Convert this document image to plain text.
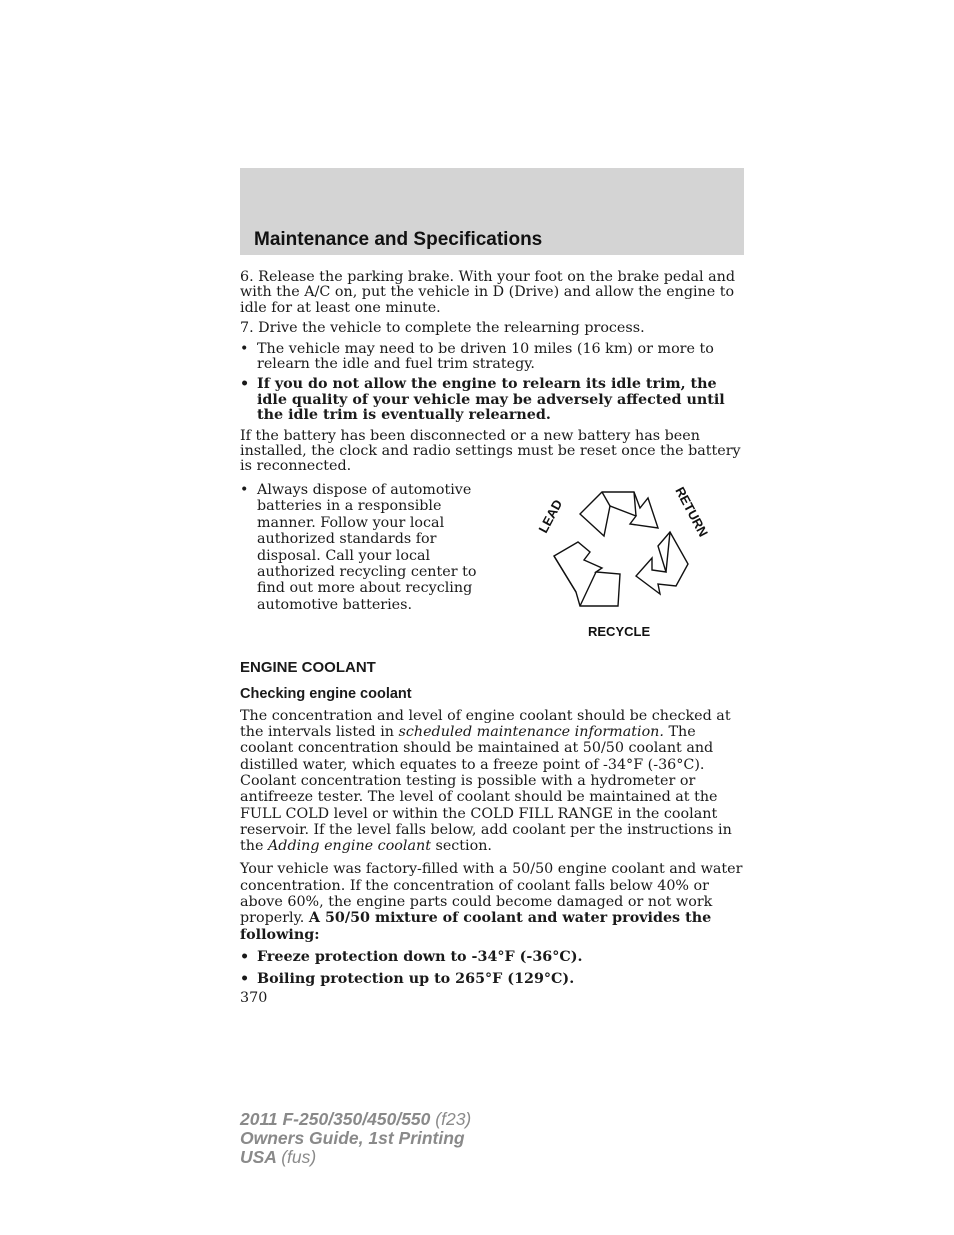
Maintenance and Specifications

6. Release the parking brake. With your foot on the brake pedal and with the A/C on, put the vehicle in D (Drive) and allow the engine to idle for at least one minute.

7. Drive the vehicle to complete the relearning process.

• The vehicle may need to be driven 10 miles (16 km) or more to relearn the idle and fuel trim strategy.
• If you do not allow the engine to relearn its idle trim, the idle quality of your vehicle may be adversely affected until the idle trim is eventually relearned.

If the battery has been disconnected or a new battery has been installed, the clock and radio settings must be reset once the battery is reconnected.

• Always dispose of automotive batteries in a responsible manner. Follow your local authorized standards for disposal. Call your local authorized recycling center to find out more about recycling automotive batteries.
LEAD	RETURN
RECYCLE

ENGINE COOLANT

Checking engine coolant

The concentration and level of engine coolant should be checked at the intervals listed in scheduled maintenance information. The coolant concentration should be maintained at 50/50 coolant and distilled water, which equates to a freeze point of -34°F (-36°C). Coolant concentration testing is possible with a hydrometer or antifreeze tester. The level of coolant should be maintained at the FULL COLD level or within the COLD FILL RANGE in the coolant reservoir. If the level falls below, add coolant per the instructions in the Adding engine coolant section.

Your vehicle was factory-filled with a 50/50 engine coolant and water concentration. If the concentration of coolant falls below 40% or above 60%, the engine parts could become damaged or not work properly. A 50/50 mixture of coolant and water provides the following:

• Freeze protection down to -34°F (-36°C).
• Boiling protection up to 265°F (129°C).

370

2011 F-250/350/450/550 (f23)
Owners Guide, 1st Printing
USA (fus)
